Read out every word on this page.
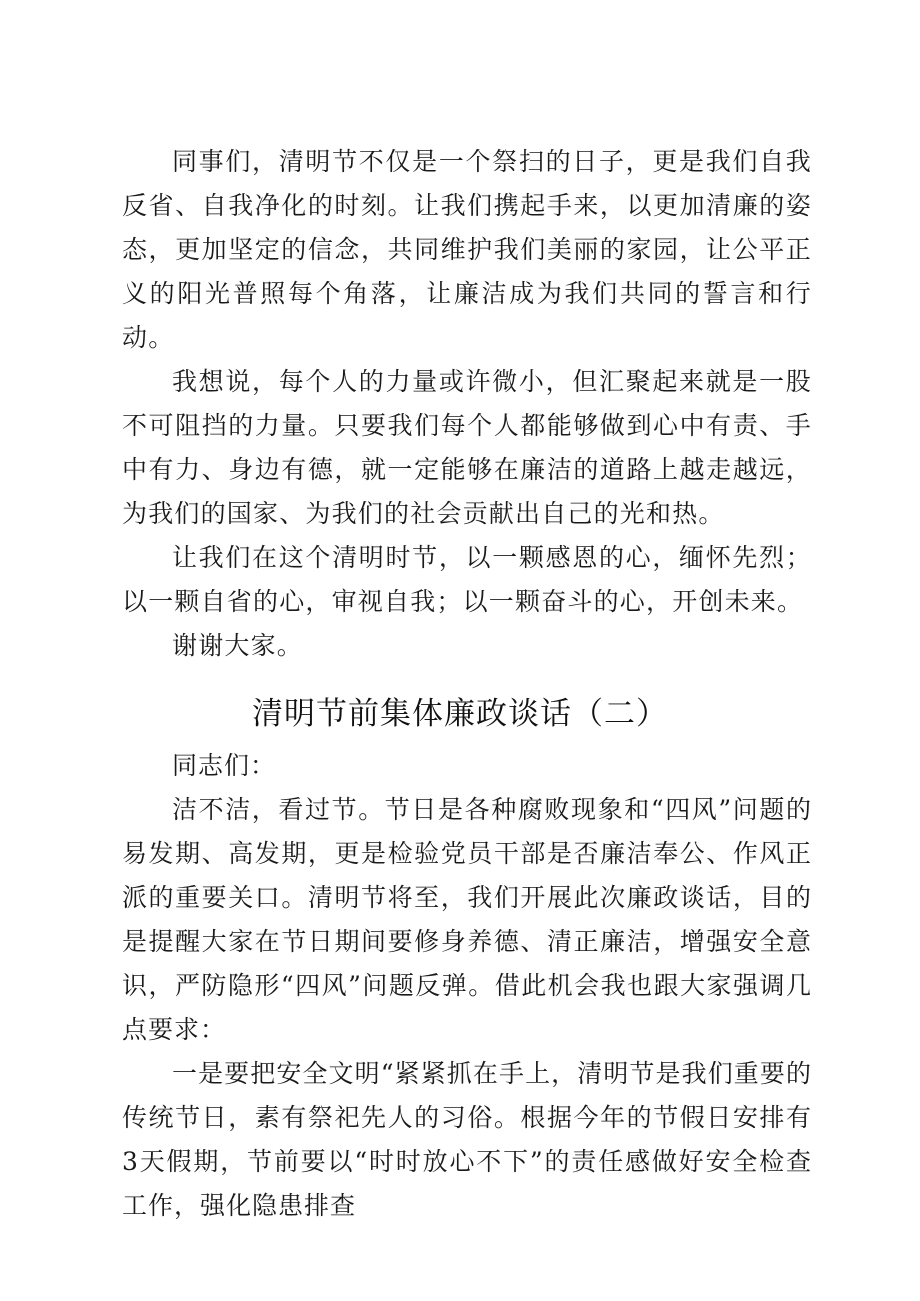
同事们，清明节不仅是一个祭扫的日子，更是我们自我反省、自我净化的时刻。让我们携起手来，以更加清廉的姿态，更加坚定的信念，共同维护我们美丽的家园，让公平正义的阳光普照每个角落，让廉洁成为我们共同的誓言和行动。

我想说，每个人的力量或许微小，但汇聚起来就是一股不可阻挡的力量。只要我们每个人都能够做到心中有责、手中有力、身边有德，就一定能够在廉洁的道路上越走越远，为我们的国家、为我们的社会贡献出自己的光和热。

让我们在这个清明时节，以一颗感恩的心，缅怀先烈；以一颗自省的心，审视自我；以一颗奋斗的心，开创未来。

谢谢大家。

清明节前集体廉政谈话（二）

同志们：

洁不洁，看过节。节日是各种腐败现象和“四风”问题的易发期、高发期，更是检验党员干部是否廉洁奉公、作风正派的重要关口。清明节将至，我们开展此次廉政谈话，目的是提醒大家在节日期间要修身养德、清正廉洁，增强安全意识，严防隐形“四风”问题反弹。借此机会我也跟大家强调几点要求：

一是要把安全文明“紧紧抓在手上，清明节是我们重要的传统节日，素有祭祀先人的习俗。根据今年的节假日安排有3天假期，节前要以“时时放心不下”的责任感做好安全检查工作，强化隐患排查
